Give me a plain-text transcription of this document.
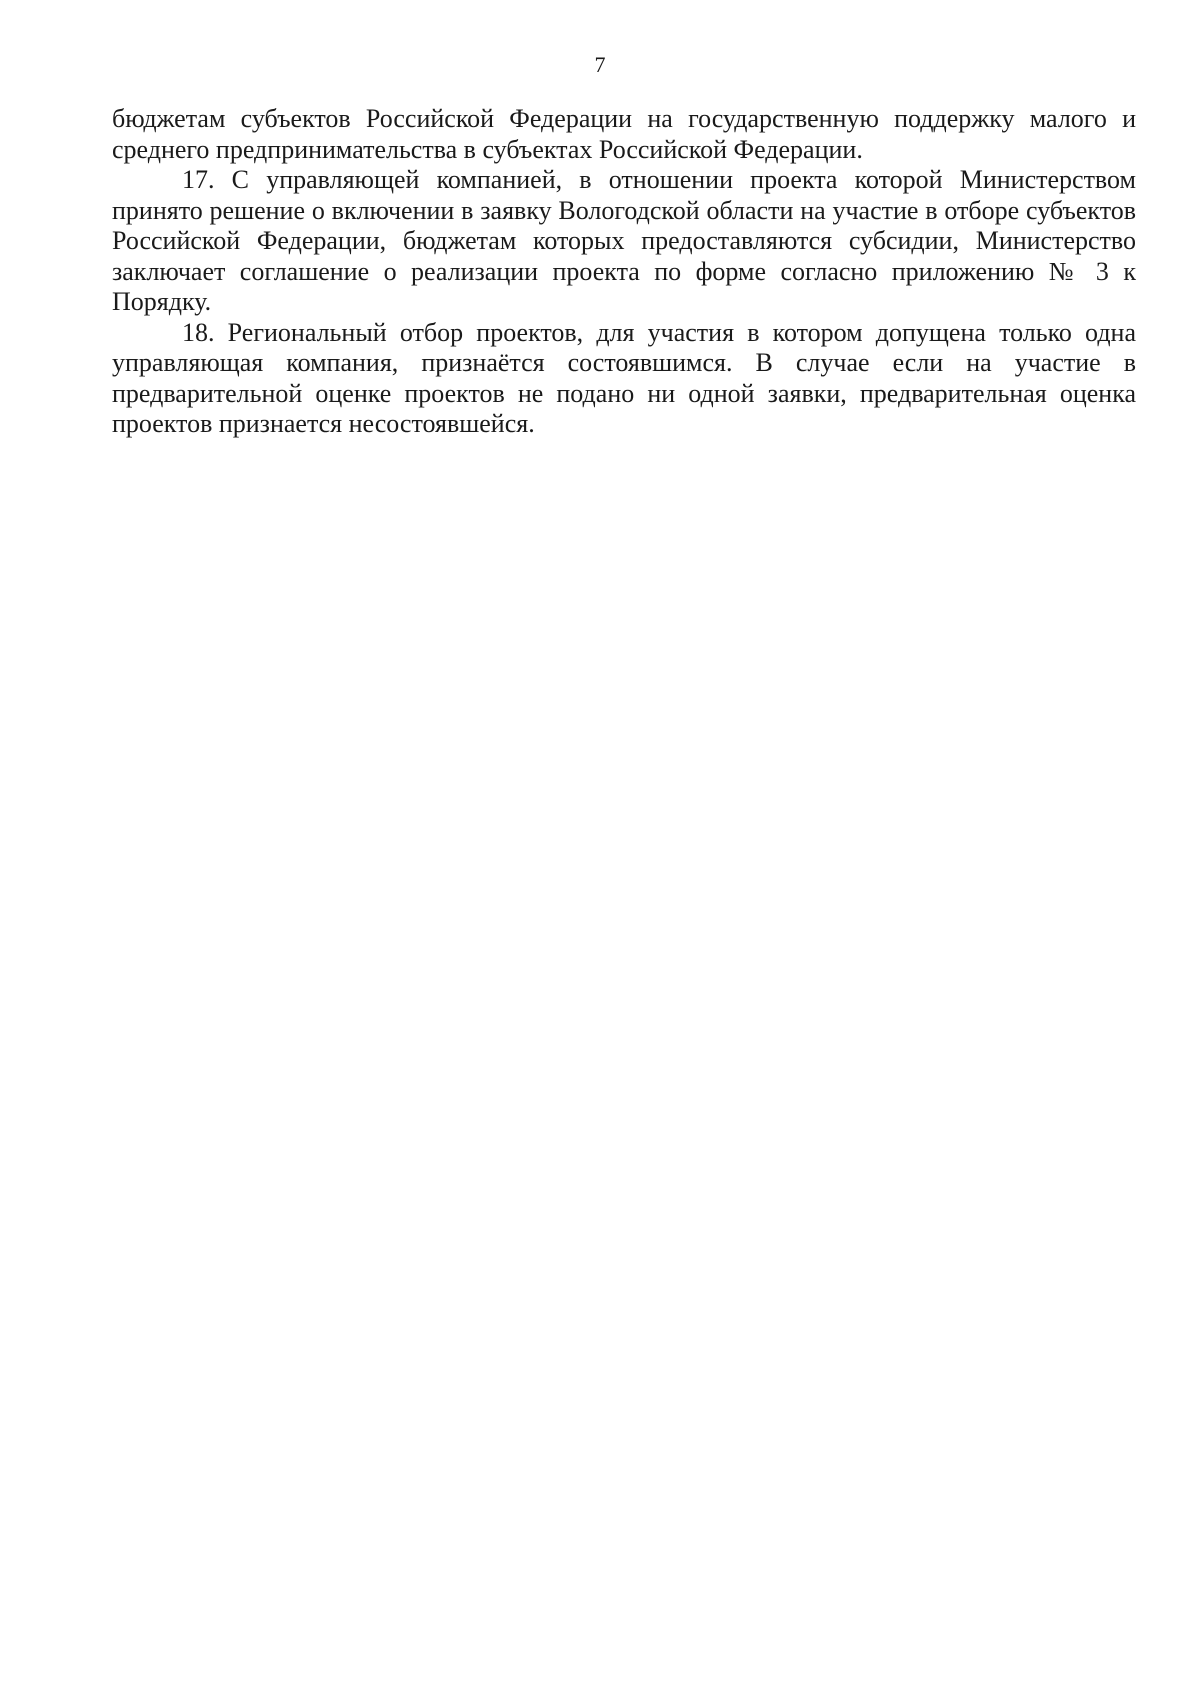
7

бюджетам субъектов Российской Федерации на государственную поддержку малого и среднего предпринимательства в субъектах Российской Федерации.

17. С управляющей компанией, в отношении проекта которой Министерством принято решение о включении в заявку Вологодской области на участие в отборе субъектов Российской Федерации, бюджетам которых предоставляются субсидии, Министерство заключает соглашение о реализации проекта по форме согласно приложению № 3 к Порядку.

18. Региональный отбор проектов, для участия в котором допущена только одна управляющая компания, признаётся состоявшимся. В случае если на участие в предварительной оценке проектов не подано ни одной заявки, предварительная оценка проектов признается несостоявшейся.
